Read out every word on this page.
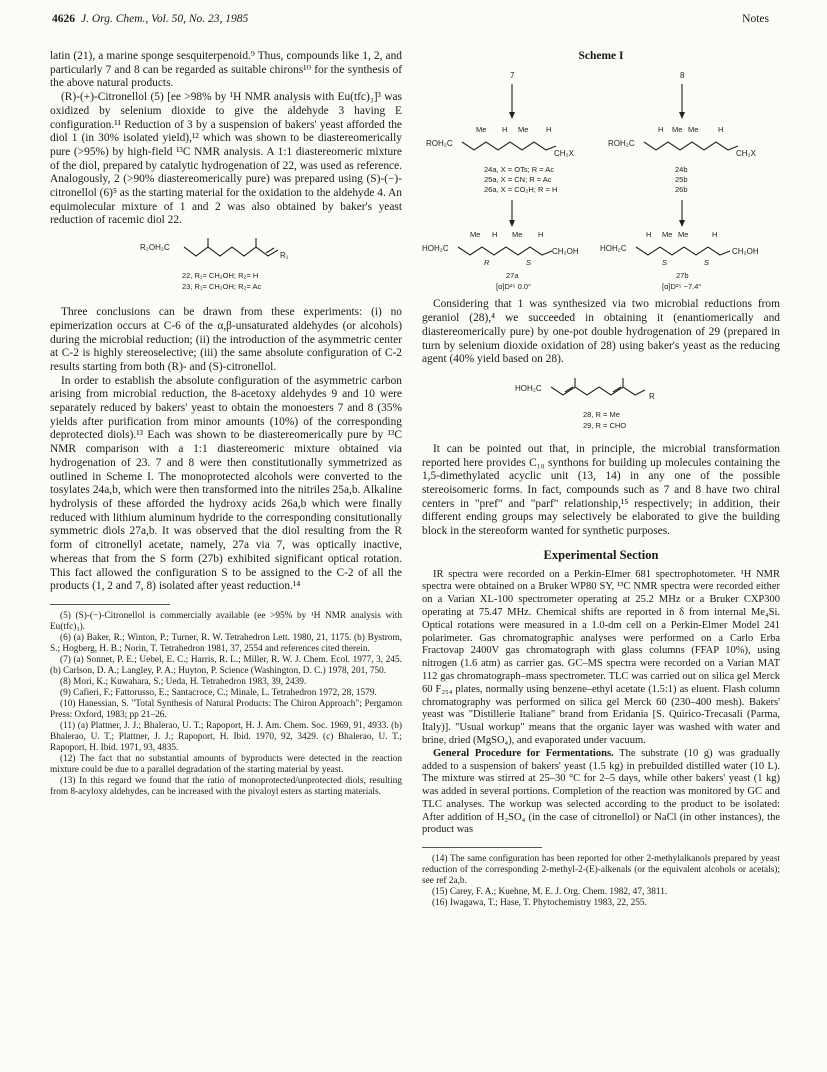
4626 J. Org. Chem., Vol. 50, No. 23, 1985	Notes

latin (21), a marine sponge sesquiterpenoid.⁹ Thus, compounds like 1, 2, and particularly 7 and 8 can be regarded as suitable chirons¹⁰ for the synthesis of the above natural products.

(R)-(+)-Citronellol (5) [ee >98% by ¹H NMR analysis with Eu(tfc)₃]³ was oxidized by selenium dioxide to give the aldehyde 3 having E configuration.¹¹ Reduction of 3 by a suspension of bakers' yeast afforded the diol 1 (in 30% isolated yield),¹² which was shown to be diastereomerically pure (>95%) by high-field ¹³C NMR analysis. A 1:1 diastereomeric mixture of the diol, prepared by catalytic hydrogenation of 22, was used as reference. Analogously, 2 (>90% diastereomerically pure) was prepared using (S)-(−)-citronellol (6)⁵ as the starting material for the oxidation to the aldehyde 4. An equimolecular mixture of 1 and 2 was also obtained by baker's yeast reduction of racemic diol 22.

R₂OH₂C
R₁
22, R₁= CH₂OH; R₂= H
23, R₁= CH₂OH; R₂= Ac

Three conclusions can be drawn from these experiments: (i) no epimerization occurs at C-6 of the α,β-unsaturated aldehydes (or alcohols) during the microbial reduction; (ii) the introduction of the asymmetric center at C-2 is highly stereoselective; (iii) the same absolute configuration of C-2 results starting from both (R)- and (S)-citronellol.

In order to establish the absolute configuration of the asymmetric carbon arising from microbial reduction, the 8-acetoxy aldehydes 9 and 10 were separately reduced by bakers' yeast to obtain the monoesters 7 and 8 (35% yields after purification from minor amounts (10%) of the corresponding deprotected diols).¹³ Each was shown to be diastereomerically pure by ¹³C NMR comparison with a 1:1 diastereomeric mixture obtained via hydrogenation of 23. 7 and 8 were then constitutionally symmetrized as outlined in Scheme I. The monoprotected alcohols were converted to the tosylates 24a,b, which were then transformed into the nitriles 25a,b. Alkaline hydrolysis of these afforded the hydroxy acids 26a,b which were finally reduced with lithium aluminum hydride to the corresponding consitutionally symmetric diols 27a,b. It was observed that the diol resulting from the R form of citronellyl acetate, namely, 27a via 7, was optically inactive, whereas that from the S form (27b) exhibited significant optical rotation. This fact allowed the configuration S to be assigned to the C-2 of all the products (1, 2 and 7, 8) isolated after yeast reduction.¹⁴

(5) (S)-(−)-Citronellol is commercially available (ee >95% by ¹H NMR analysis with Eu(tfc)₃).
(6) (a) Baker, R.; Winton, P.; Turner, R. W. Tetrahedron Lett. 1980, 21, 1175. (b) Bystrom, S.; Hogberg, H. B.; Norin, T. Tetrahedron 1981, 37, 2554 and references cited therein.
(7) (a) Sonnet, P. E.; Uebel, E. C.; Harris, R. L.; Miller, R. W. J. Chem. Ecol. 1977, 3, 245. (b) Carlson, D. A.; Langley, P. A.; Huyton, P. Science (Washington, D. C.) 1978, 201, 750.
(8) Mori, K.; Kuwahara, S.; Ueda, H. Tetrahedron 1983, 39, 2439.
(9) Cafieri, F.; Fattorusso, E.; Santacroce, C.; Minale, L. Tetrahedron 1972, 28, 1579.
(10) Hanessian, S. "Total Synthesis of Natural Products: The Chiron Approach"; Pergamon Press: Oxford, 1983; pp 21–26.
(11) (a) Plattner, J. J.; Bhalerao, U. T.; Rapoport, H. J. Am. Chem. Soc. 1969, 91, 4933. (b) Bhalerao, U. T.; Plattner, J. J.; Rapoport, H. Ibid. 1970, 92, 3429. (c) Bhalerao, U. T.; Rapoport, H. Ibid. 1971, 93, 4835.
(12) The fact that no substantial amounts of byproducts were detected in the reaction mixture could be due to a parallel degradation of the starting material by yeast.
(13) In this regard we found that the ratio of monoprotected/unprotected diols, resulting from 8-acyloxy aldehydes, can be increased with the pivaloyl esters as starting materials.
Scheme I
7	8
ROH₂C
Me H Me H
CH₂X
ROH₂C
H Me Me	H
CH₂X
24a, X = OTs; R = Ac
25a, X = CN; R = Ac
26a, X = CO₂H; R = H
24b
25b
26b
HOH₂C
Me H Me H
CH₂OH
R	S
27a
[α]D²⁵ 0.0°
HOH₂C
H Me Me	H
CH₂OH
S	S
27b
[α]D²⁵ −7.4°

Considering that 1 was synthesized via two microbial reductions from geraniol (28),⁴ we succeeded in obtaining it (enantiomerically and diastereomerically pure) by one-pot double hydrogenation of 29 (prepared in turn by selenium dioxide oxidation of 28) using baker's yeast as the reducing agent (40% yield based on 28).

HOH₂C
R
28, R = Me
29, R = CHO

It can be pointed out that, in principle, the microbial transformation reported here provides C₁₀ synthons for building up molecules containing the 1,5-dimethylated acyclic unit (13, 14) in any one of the possible stereoisomeric forms. In fact, compounds such as 7 and 8 have two chiral centers in "pref" and "parf" relationship,¹⁵ respectively; in addition, their different ending groups may selectively be elaborated to give the building block in the stereoform wanted for synthetic purposes.

Experimental Section

IR spectra were recorded on a Perkin-Elmer 681 spectrophotometer. ¹H NMR spectra were obtained on a Bruker WP80 SY, ¹³C NMR spectra were recorded either on a Varian XL-100 spectrometer operating at 25.2 MHz or a Bruker CXP300 operating at 75.47 MHz. Chemical shifts are reported in δ from internal Me₄Si. Optical rotations were measured in a 1.0-dm cell on a Perkin-Elmer Model 241 polarimeter. Gas chromatographic analyses were performed on a Carlo Erba Fractovap 2400V gas chromatograph with glass columns (FFAP 10%), using nitrogen (1.6 atm) as carrier gas. GC–MS spectra were recorded on a Varian MAT 112 gas chromatograph–mass spectrometer. TLC was carried out on silica gel Merck 60 F₂₅₄ plates, normally using benzene–ethyl acetate (1.5:1) as eluent. Flash column chromatography was performed on silica gel Merck 60 (230–400 mesh). Bakers' yeast was "Distillerie Italiane" brand from Eridania [S. Quirico-Trecasali (Parma, Italy)]. "Usual workup" means that the organic layer was washed with water and brine, dried (MgSO₄), and evaporated under vacuum.

General Procedure for Fermentations. The substrate (10 g) was gradually added to a suspension of bakers' yeast (1.5 kg) in prebuilded distilled water (10 L). The mixture was stirred at 25–30 °C for 2–5 days, while other bakers' yeast (1 kg) was added in several portions. Completion of the reaction was monitored by GC and TLC analyses. The workup was selected according to the product to be isolated: After addition of H₂SO₄ (in the case of citronellol) or NaCl (in other instances), the product was

(14) The same configuration has been reported for other 2-methylalkanols prepared by yeast reduction of the corresponding 2-methyl-2-(E)-alkenals (or the equivalent alcohols or acetals); see ref 2a,b.
(15) Carey, F. A.; Kuehne, M. E. J. Org. Chem. 1982, 47, 3811.
(16) Iwagawa, T.; Hase, T. Phytochemistry 1983, 22, 255.
